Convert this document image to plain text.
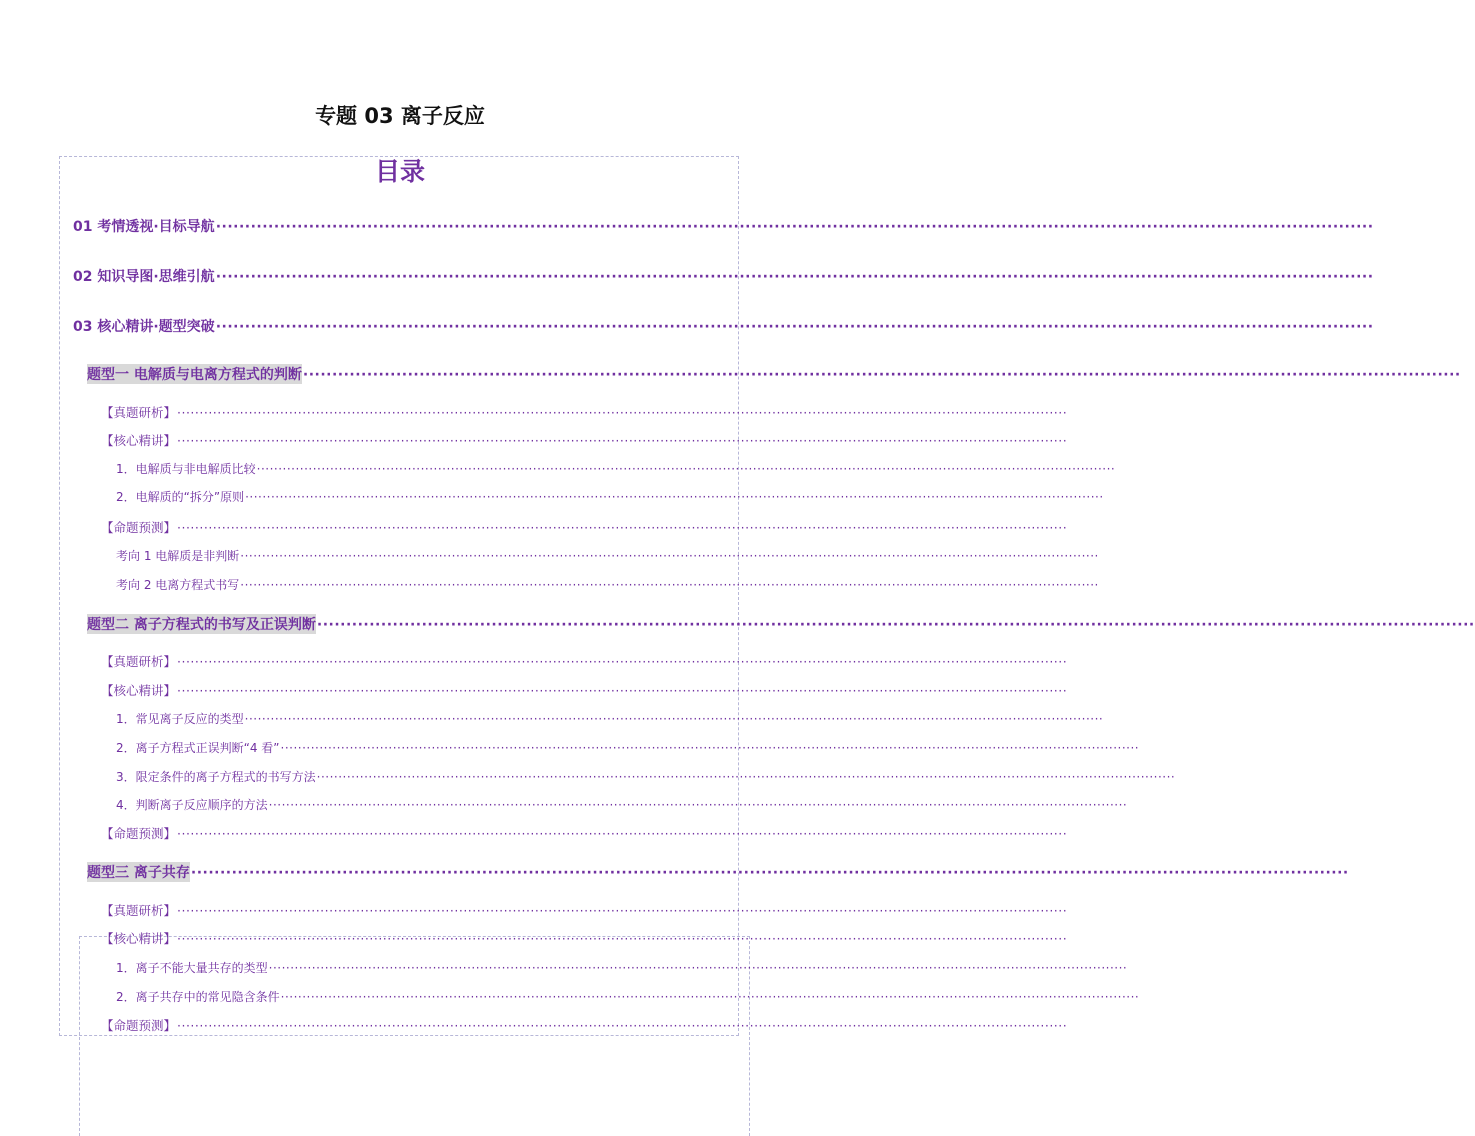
专题 03 离子反应
目录
01 考情透视·目标导航 ·······································································································································································································
02 知识导图·思维引航 ·······································································································································································································
03 核心精讲·题型突破 ·······································································································································································································
题型一 电解质与电离方程式的判断 ·······································································································································································································
【真题研析】 ·······································································································································································································
【核心精讲】 ·······································································································································································································
1．电解质与非电解质比较 ·······································································································································································································
2．电解质的“拆分”原则 ·······································································································································································································
【命题预测】 ·······································································································································································································
考向 1 电解质是非判断 ·······································································································································································································
考向 2 电离方程式书写 ·······································································································································································································
题型二 离子方程式的书写及正误判断 ·······································································································································································································
【真题研析】 ·······································································································································································································
【核心精讲】 ·······································································································································································································
1．常见离子反应的类型 ·······································································································································································································
2．离子方程式正误判断“4 看” ·······································································································································································································
3．限定条件的离子方程式的书写方法 ·······································································································································································································
4．判断离子反应顺序的方法 ·······································································································································································································
【命题预测】 ·······································································································································································································
题型三 离子共存 ·······································································································································································································
【真题研析】 ·······································································································································································································
【核心精讲】 ·······································································································································································································
1．离子不能大量共存的类型 ·······································································································································································································
2．离子共存中的常见隐含条件 ·······································································································································································································
【命题预测】 ·······································································································································································································
